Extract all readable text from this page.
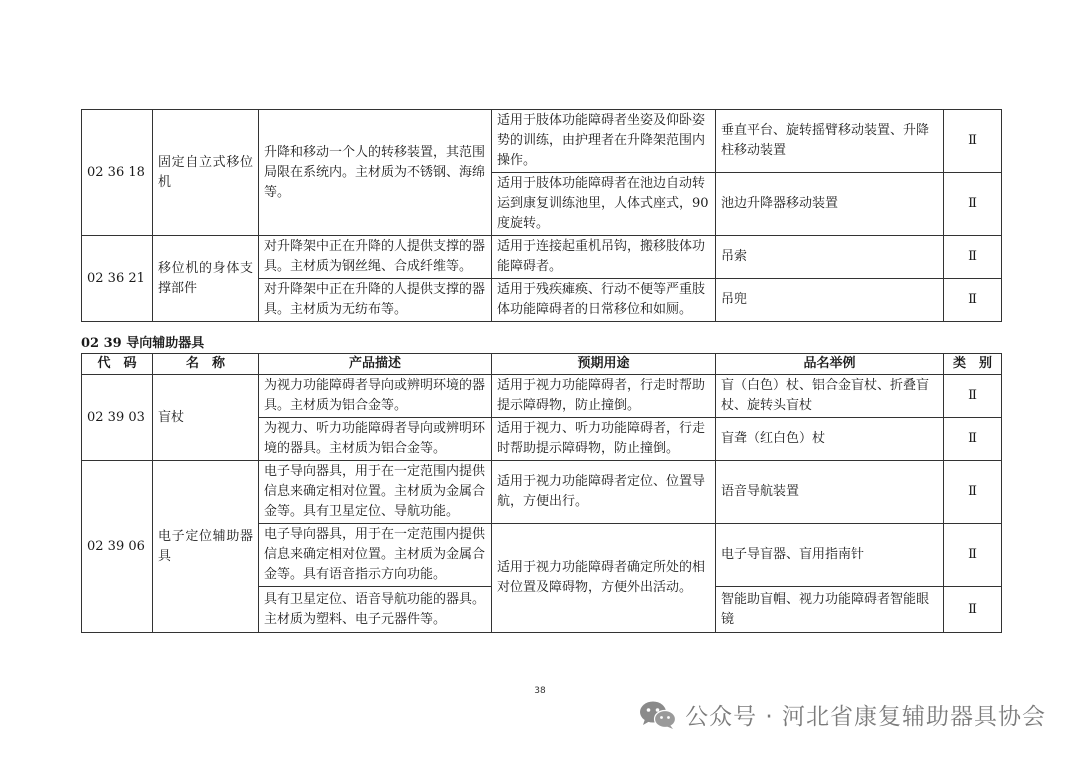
02 36 18	固定自立式移位机	升降和移动一个人的转移装置，其范围局限在系统内。主材质为不锈钢、海绵等。	适用于肢体功能障碍者坐姿及仰卧姿势的训练，由护理者在升降架范围内操作。	垂直平台、旋转摇臂移动装置、升降柱移动装置	Ⅱ
			适用于肢体功能障碍者在池边自动转运到康复训练池里，人体式座式，90度旋转。	池边升降器移动装置	Ⅱ
02 36 21	移位机的身体支撑部件	对升降架中正在升降的人提供支撑的器具。主材质为钢丝绳、合成纤维等。	适用于连接起重机吊钩，搬移肢体功能障碍者。	吊索	Ⅱ
		对升降架中正在升降的人提供支撑的器具。主材质为无纺布等。	适用于残疾瘫痪、行动不便等严重肢体功能障碍者的日常移位和如厕。	吊兜	Ⅱ
02 39 导向辅助器具
代　码	名　称	产品描述	预期用途	品名举例	类　别
02 39 03	盲杖	为视力功能障碍者导向或辨明环境的器具。主材质为铝合金等。	适用于视力功能障碍者，行走时帮助提示障碍物，防止撞倒。	盲（白色）杖、铝合金盲杖、折叠盲杖、旋转头盲杖	Ⅱ
		为视力、听力功能障碍者导向或辨明环境的器具。主材质为铝合金等。	适用于视力、听力功能障碍者，行走时帮助提示障碍物，防止撞倒。	盲聋（红白色）杖	Ⅱ
02 39 06	电子定位辅助器具	电子导向器具，用于在一定范围内提供信息来确定相对位置。主材质为金属合金等。具有卫星定位、导航功能。	适用于视力功能障碍者定位、位置导航，方便出行。	语音导航装置	Ⅱ
		电子导向器具，用于在一定范围内提供信息来确定相对位置。主材质为金属合金等。具有语音指示方向功能。	适用于视力功能障碍者确定所处的相对位置及障碍物，方便外出活动。	电子导盲器、盲用指南针	Ⅱ
		具有卫星定位、语音导航功能的器具。主材质为塑料、电子元器件等。		智能助盲帽、视力功能障碍者智能眼镜	Ⅱ
38
公众号 · 河北省康复辅助器具协会
